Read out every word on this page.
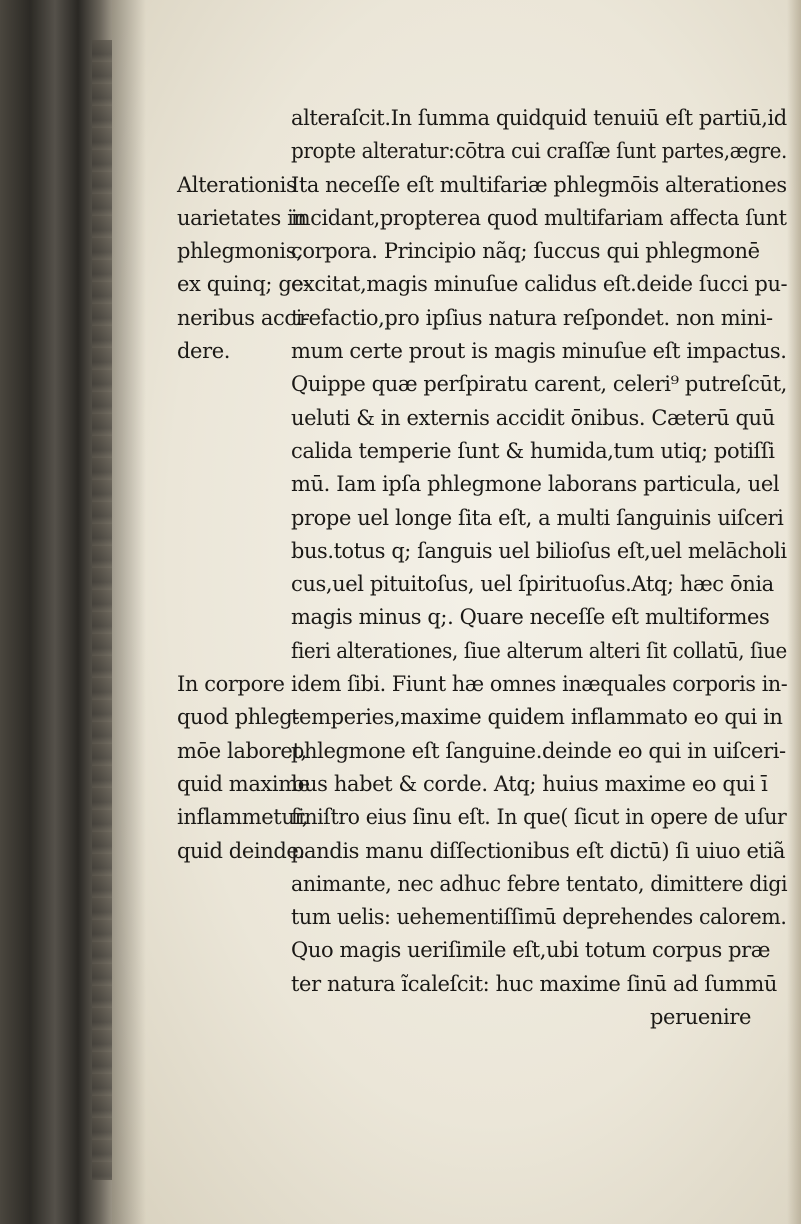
alteraſcit.In ſumma quidquid tenuiū eſt partiū,id
propte alteratur:cōtra cui craſſæ ſunt partes,ægre.
Alterationis
Ita neceſſe eſt multifariæ phlegmōis alterationes
uarietates in
incidant,propterea quod multifariam affecta ſunt
phlegmonis,
corpora. Principio nãq; ſuccus qui phlegmonē
ex quinq; ge-
excitat,magis minuſue calidus eſt.deide ſucci pu-
neribus acci-
trefactio,pro ipſius natura reſpondet. non mini-
dere.	mum certe prout is magis minuſue eſt impactus.
Quippe quæ perſpiratu carent, celeri⁹ putreſcūt,
ueluti & in externis accidit ōnibus. Cæterū quū
calida temperie ſunt & humida,tum utiq; potiſſi
mū. Iam ipſa phlegmone laborans particula, uel
prope uel longe ſita eſt, a multi ſanguinis uiſceri
bus.totus q; ſanguis uel bilioſus eſt,uel melācholi
cus,uel pituitoſus, uel ſpirituoſus.Atq; hæc ōnia
magis minus q;. Quare neceſſe eſt multiformes
fieri alterationes, ſiue alterum alteri ſit collatū, ſiue
In corpore idem ſibi. Fiunt hæ omnes inæquales corporis in-
quod phleg-
temperies,maxime quidem inflammato eo qui in
mōe laboret,
phlegmone eſt ſanguine.deinde eo qui in uiſceri-
quid maxime
bus habet & corde. Atq; huius maxime eo qui ī
inflammetur,
ſiniſtro eius ſinu eſt. In que( ſicut in opere de uſur
quid deinde.
pandis manu diſſectionibus eſt dictū) ſi uiuo etiã
animante, nec adhuc febre tentato, dimittere digi
tum uelis: uehementiſſimū deprehendes calorem.
Quo magis ueriſimile eſt,ubi totum corpus præ
ter natura ĩcaleſcit: huc maxime ſinū ad ſummū
peruenire
